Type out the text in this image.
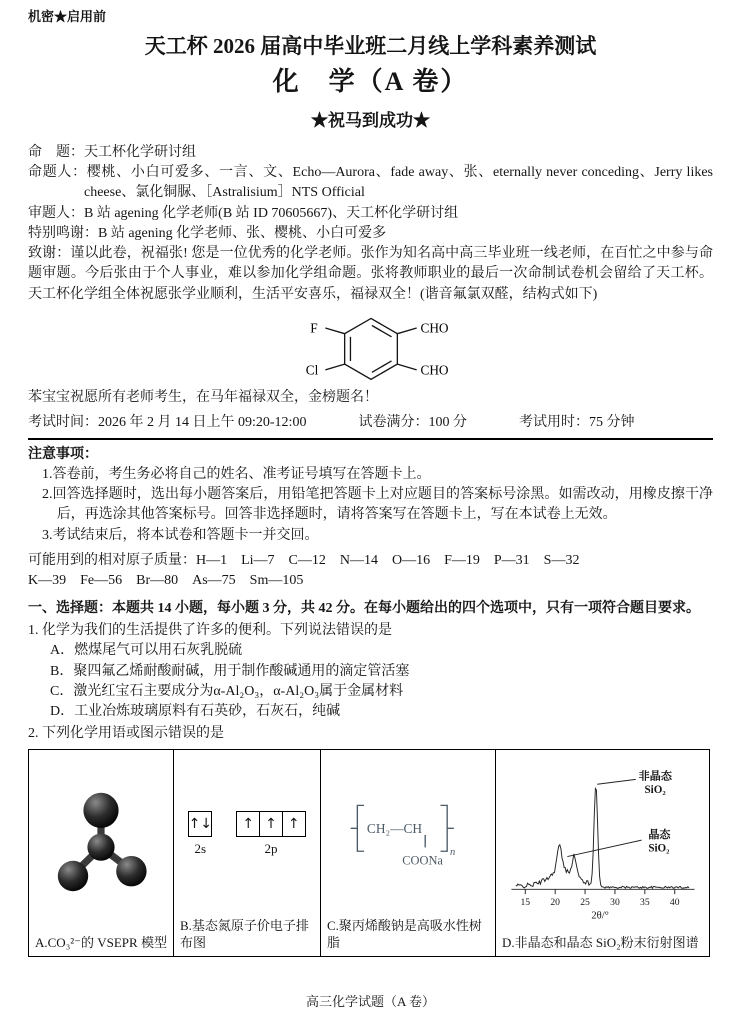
机密★启用前
天工杯 2026 届高中毕业班二月线上学科素养测试
化　学（A 卷）
★祝马到成功★
命　题：天工杯化学研讨组
命题人：樱桃、小白可爱多、一言、文、Echo—Aurora、fade away、张、eternally never conceding、Jerry likes cheese、氯化铜脲、［Astralisium］NTS Official
审题人：B 站 agening 化学老师(B 站 ID 70605667)、天工杯化学研讨组
特别鸣谢：B 站 agening 化学老师、张、樱桃、小白可爱多
致谢：谨以此卷，祝福张! 您是一位优秀的化学老师。张作为知名高中高三毕业班一线老师，在百忙之中参与命题审题。今后张由于个人事业，难以参加化学组命题。张将教师职业的最后一次命制试卷机会留给了天工杯。天工杯化学组全体祝愿张学业顺利，生活平安喜乐，福禄双全！(谐音氟氯双醛，结构式如下)
F
Cl
CHO
CHO
苯宝宝祝愿所有老师考生，在马年福禄双全，金榜题名！
考试时间：2026 年 2 月 14 日上午 09:20-12:00	试卷满分：100 分	考试用时：75 分钟
注意事项：
1.答卷前，考生务必将自己的姓名、准考证号填写在答题卡上。
2.回答选择题时，选出每小题答案后，用铅笔把答题卡上对应题目的答案标号涂黑。如需改动，用橡皮擦干净后，再选涂其他答案标号。回答非选择题时，请将答案写在答题卡上，写在本试卷上无效。
3.考试结束后，将本试卷和答题卡一并交回。
可能用到的相对原子质量：H—1　Li—7　C—12　N—14　O—16　F—19　P—31　S—32
K—39　Fe—56　Br—80　As—75　Sm—105
一、选择题：本题共 14 小题，每小题 3 分，共 42 分。在每小题给出的四个选项中，只有一项符合题目要求。
1. 化学为我们的生活提供了许多的便利。下列说法错误的是
A．燃煤尾气可以用石灰乳脱硫
B．聚四氟乙烯耐酸耐碱，用于制作酸碱通用的滴定管活塞
C．激光红宝石主要成分为α-Al₂O₃，α-Al₂O₃属于金属材料
D．工业冶炼玻璃原料有石英砂，石灰石，纯碱
2. 下列化学用语或图示错误的是
A.CO₃²⁻的 VSEPR 模型

↑↓
2s
↑ ↑ ↑
2p
B.基态氮原子价电子排布图

CH₂—CH
COONa
n
C.聚丙烯酸钠是高吸水性树脂

15 20 25 30 35 40
2θ/°
非晶态
SiO₂
晶态
SiO₂
D.非晶态和晶态 SiO₂粉末衍射图谱
高三化学试题（A 卷）
